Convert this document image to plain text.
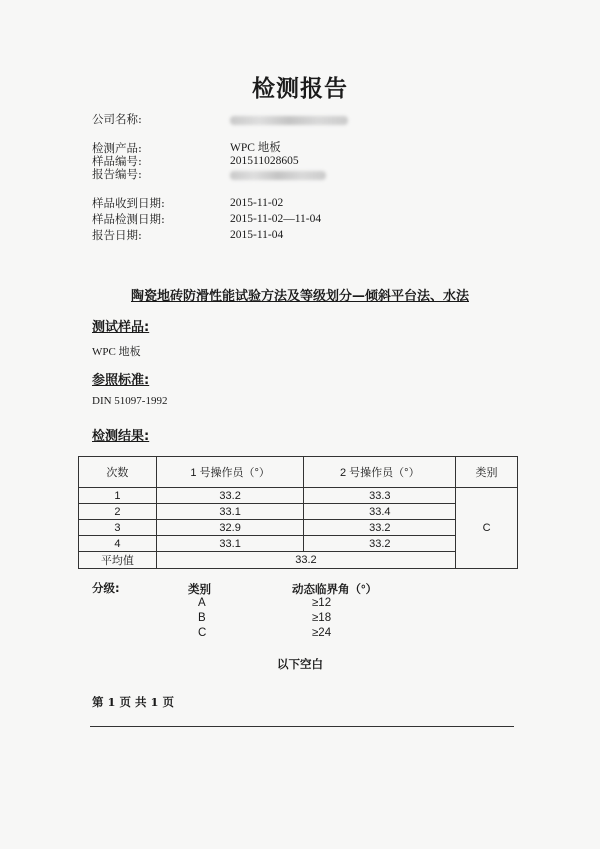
检测报告
公司名称:
检测产品:	WPC 地板
样品编号:	201511028605
报告编号:
样品收到日期:	2015-11-02
样品检测日期:	2015-11-02—11-04
报告日期:	2015-11-04
陶瓷地砖防滑性能试验方法及等级划分—倾斜平台法、水法
测试样品:
WPC 地板
参照标准:
DIN 51097-1992
检测结果:
次数	1 号操作员（°）	2 号操作员（°）	类别
1	33.2	33.3	C
2	33.1	33.4	
3	32.9	33.2	
4	33.1	33.2	
平均值	33.2		
分级:	类别	动态临界角（°）
A	≥12
B	≥18
C	≥24
以下空白
第 1 页 共 1 页
